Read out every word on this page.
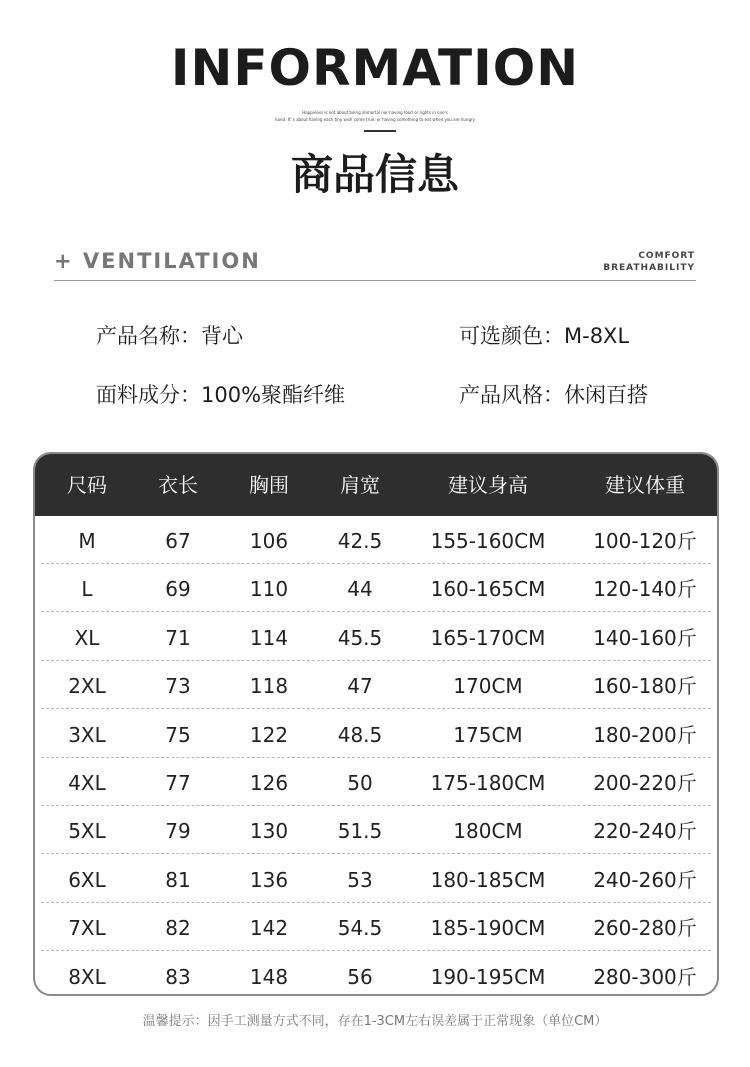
INFORMATION
Happiness is not about being immortal nor having food or rights in one's
hand. It' s about having each tiny wish come true, or having something to eat when you are hungry
商品信息
+ VENTILATION	COMFORT
BREATHABILITY
产品名称：背心	可选颜色：M-8XL
面料成分：100%聚酯纤维	产品风格：休闲百搭
尺码	衣长	胸围	肩宽	建议身高	建议体重
M	67	106	42.5	155-160CM	100-120斤
L	69	110	44	160-165CM	120-140斤
XL	71	114	45.5	165-170CM	140-160斤
2XL	73	118	47	170CM	160-180斤
3XL	75	122	48.5	175CM	180-200斤
4XL	77	126	50	175-180CM	200-220斤
5XL	79	130	51.5	180CM	220-240斤
6XL	81	136	53	180-185CM	240-260斤
7XL	82	142	54.5	185-190CM	260-280斤
8XL	83	148	56	190-195CM	280-300斤
温馨提示：因手工测量方式不同，存在1-3CM左右误差属于正常现象（单位CM）
